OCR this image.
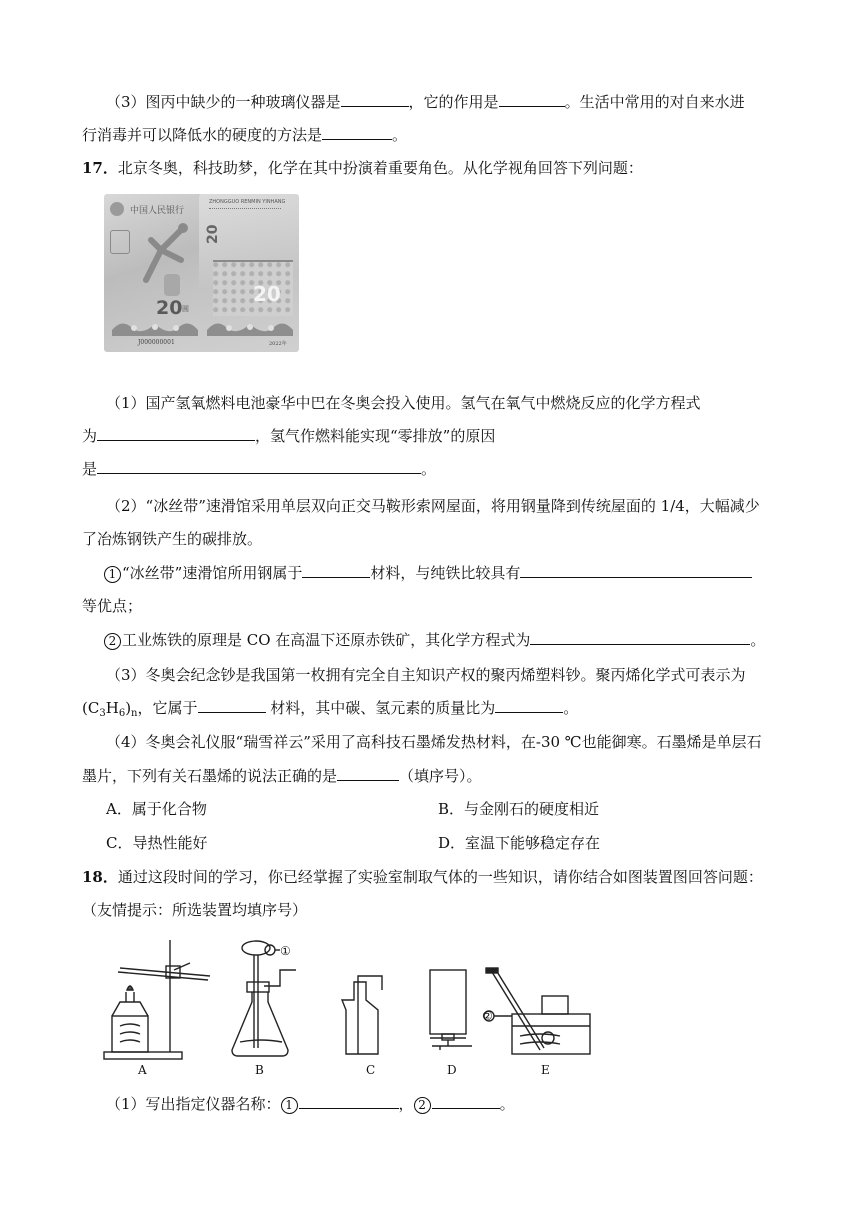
（3）图丙中缺少的一种玻璃仪器是	，它的作用是	。生活中常用的对自来水进
行消毒并可以降低水的硬度的方法是	。
17．北京冬奥，科技助梦，化学在其中扮演着重要角色。从化学视角回答下列问题：
中国人民银行
20 圆
J000000001
ZHONGGUO RENMIN YINHANG
20
20
2022年
（1）国产氢氧燃料电池豪华中巴在冬奥会投入使用。氢气在氧气中燃烧反应的化学方程式
为	，氢气作燃料能实现“零排放”的原因
是	。
（2）“冰丝带”速滑馆采用单层双向正交马鞍形索网屋面，将用钢量降到传统屋面的 1/4，大幅减少
了冶炼钢铁产生的碳排放。
1 “冰丝带”速滑馆所用钢属于	材料，与纯铁比较具有
等优点；
2 工业炼铁的原理是 CO 在高温下还原赤铁矿，其化学方程式为	。
（3）冬奥会纪念钞是我国第一枚拥有完全自主知识产权的聚丙烯塑料钞。聚丙烯化学式可表示为
$(C_3H_6)_n$，它属于	材料，其中碳、氢元素的质量比为	。
（4）冬奥会礼仪服“瑞雪祥云”采用了高科技石墨烯发热材料，在-30 ℃也能御寒。石墨烯是单层石
墨片，下列有关石墨烯的说法正确的是	（填序号）。
A．属于化合物	B．与金刚石的硬度相近
C．导热性能好	D．室温下能够稳定存在
18．通过这段时间的学习，你已经掌握了实验室制取气体的一些知识，请你结合如图装置图回答问题：
（友情提示：所选装置均填序号）
A	B	C	D	E
①
②
（1）写出指定仪器名称： 1	， 2	。
